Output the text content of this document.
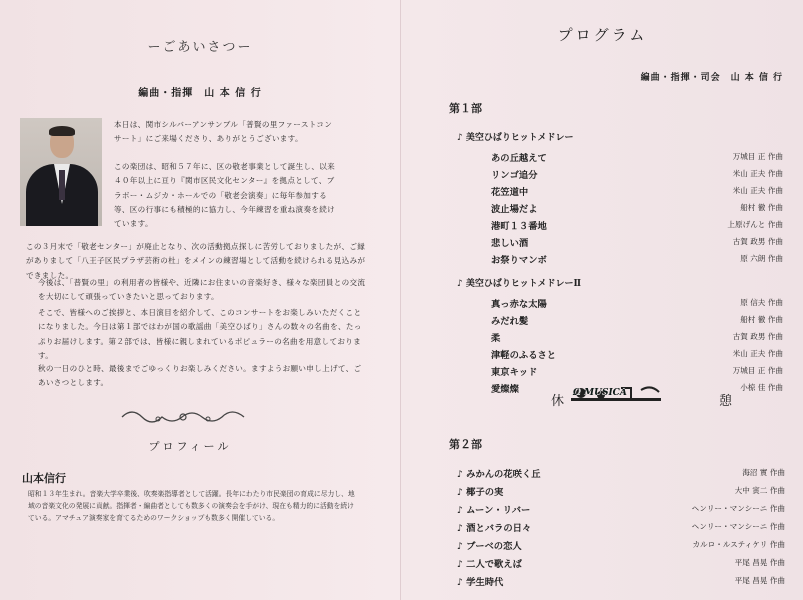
ーごあいさつー
編曲・指揮　山 本 信 行
本日は、関市シルバーアンサンブル「普賢の里ファーストコンサート」にご来場くださり、ありがとうございます。
この楽団は、昭和５７年に、区の敬老事業として誕生し、以来４０年以上に亘り『関市区民文化センター』を拠点として、ブラボー・ムジカ・ホールでの「敬老会演奏」に毎年参加する等、区の行事にも積極的に協力し、今年練習を重ね演奏を続けています。
この３月末で「敬老センター」が廃止となり、次の活動拠点探しに苦労しておりましたが、ご縁がありまして「八王子区民プラザ芸術の杜」をメインの練習場として活動を続けられる見込みができました。
今後は、「普賢の里」の利用者の皆様や、近隣にお住まいの音楽好き、様々な楽団員との交流を大切にして頑張っていきたいと思っております。
そこで、皆様へのご挨拶と、本日演目を紹介して、このコンサートをお楽しみいただくことになりました。今日は第１部ではわが国の歌謡曲「美空ひばり」さんの数々の名曲を、たっぷりお届けします。第２部では、皆様に親しまれているポピュラーの名曲を用意しております。
秋の一日のひと時、最後までごゆっくりお楽しみください。ますようお願い申し上げて、ごあいさつとします。
プロフィール
山本信行
昭和１３年生まれ。音楽大学卒業後、吹奏楽指導者として活躍。長年にわたり市民楽団の育成に尽力し、地域の音楽文化の発展に貢献。指揮者・編曲者としても数多くの演奏会を手がけ、現在も精力的に活動を続けている。アマチュア演奏家を育てるためのワークショップも数多く開催している。
プログラム
編曲・指揮・司会　山 本 信 行
第１部
♪ 美空ひばりヒットメドレー
あの丘越えて	万城目 正 作曲
リンゴ追分	米山 正夫 作曲
花笠道中	米山 正夫 作曲
波止場だよ	船村 徹 作曲
港町１３番地	上原げんと 作曲
悲しい酒	古賀 政男 作曲
お祭りマンボ	原 六朗 作曲
♪ 美空ひばりヒットメドレーⅡ
真っ赤な太陽	原 信夫 作曲
みだれ髪	船村 徹 作曲
柔	古賀 政男 作曲
津軽のふるさと	米山 正夫 作曲
東京キッド	万城目 正 作曲
愛燦燦	小椋 佳 作曲
休
Ω MUSICA
憩
第２部
♪ みかんの花咲く丘	海沼 實 作曲
♪ 椰子の実	大中 寅二 作曲
♪ ムーン・リバー	ヘンリー・マンシーニ 作曲
♪ 酒とバラの日々	ヘンリー・マンシーニ 作曲
♪ ブーベの恋人	カルロ・ルスティケリ 作曲
♪ 二人で歌えば	平尾 昌晃 作曲
♪ 学生時代	平尾 昌晃 作曲
